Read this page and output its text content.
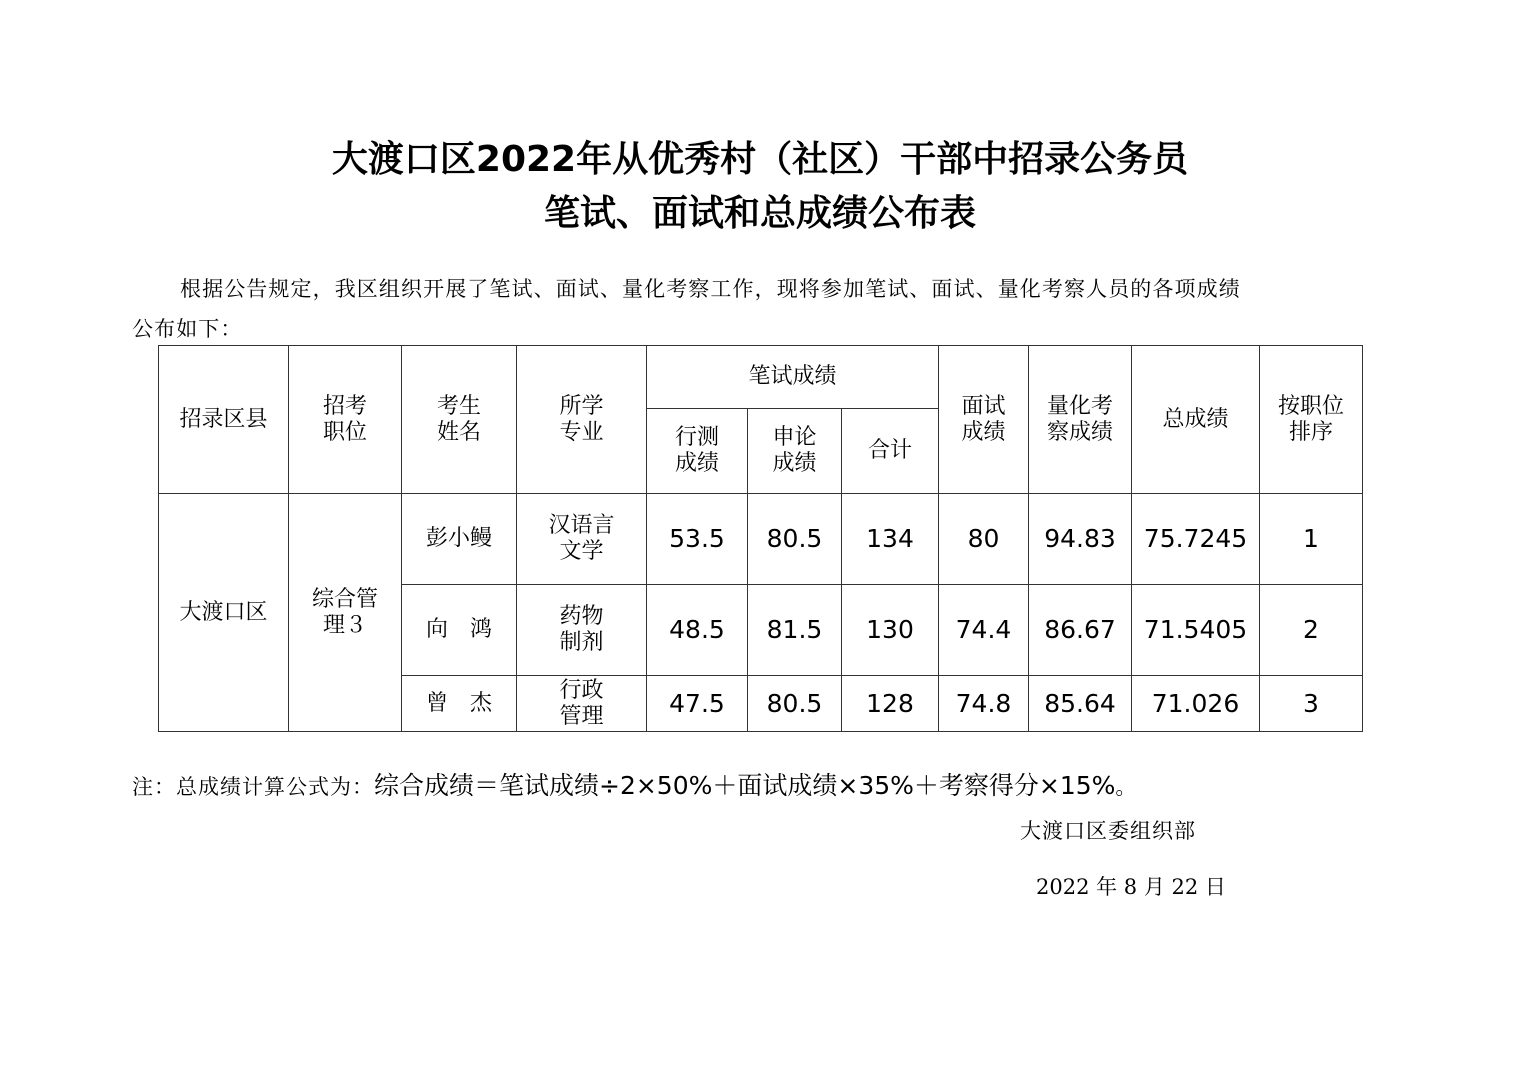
大渡口区2022年从优秀村（社区）干部中招录公务员
笔试、面试和总成绩公布表
根据公告规定，我区组织开展了笔试、面试、量化考察工作，现将参加笔试、面试、量化考察人员的各项成绩
公布如下：
招录区县	招考职位	考生姓名	所学专业	笔试成绩			面试成绩	量化考察成绩	总成绩	按职位排序
				行测成绩	申论成绩	合计				
大渡口区	综合管理３	彭小鳗	汉语言文学	53.5	80.5	134	80	94.83	75.7245	1
		向　鸿	药物制剂	48.5	81.5	130	74.4	86.67	71.5405	2
		曾　杰	行政管理	47.5	80.5	128	74.8	85.64	71.026	3
注：总成绩计算公式为：综合成绩＝笔试成绩÷2×50%＋面试成绩×35%＋考察得分×15%。
大渡口区委组织部
2022 年 8 月 22 日
